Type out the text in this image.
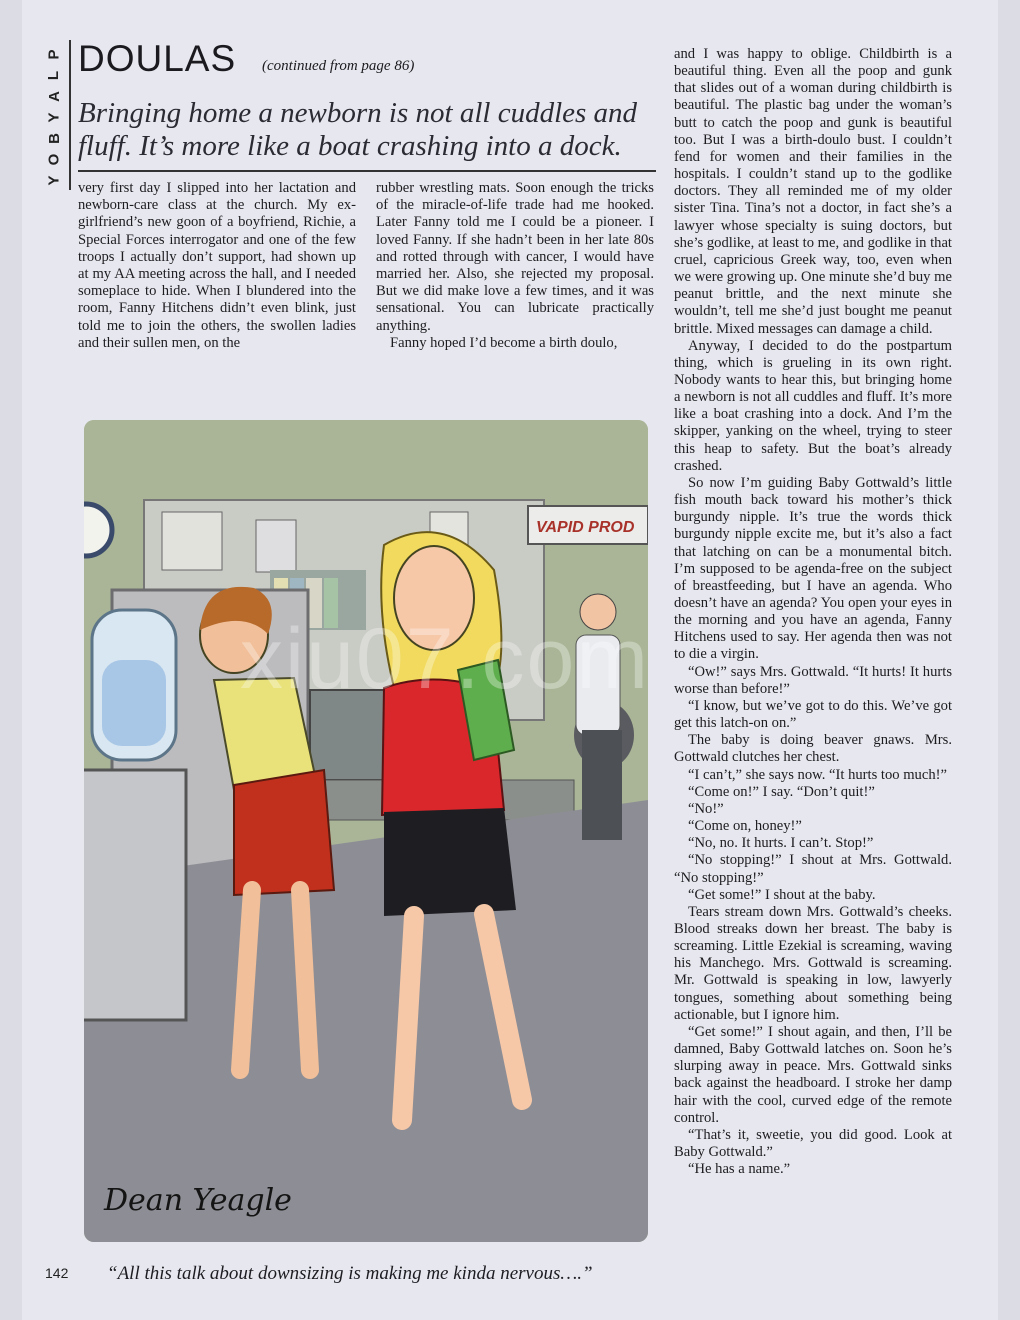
P
L
A
Y
B
O
Y
DOULAS (continued from page 86)
Bringing home a newborn is not all cuddles and fluff. It’s more like a boat crashing into a dock.

very first day I slipped into her lactation and newborn-care class at the church. My ex-girlfriend’s new goon of a boyfriend, Richie, a Special Forces interrogator and one of the few troops I actually don’t support, had shown up at my AA meeting across the hall, and I needed someplace to hide. When I blundered into the room, Fanny Hitchens didn’t even blink, just told me to join the others, the swollen ladies and their sullen men, on the

rubber wrestling mats. Soon enough the tricks of the miracle-of-life trade had me hooked. Later Fanny told me I could be a pioneer. I loved Fanny. If she hadn’t been in her late 80s and rotted through with cancer, I would have married her. Also, she rejected my proposal. But we did make love a few times, and it was sensational. You can lubricate practically anything.

Fanny hoped I’d become a birth doulo,

and I was happy to oblige. Childbirth is a beautiful thing. Even all the poop and gunk that slides out of a woman during childbirth is beautiful. The plastic bag under the woman’s butt to catch the poop and gunk is beautiful too. But I was a birth-doulo bust. I couldn’t fend for women and their families in the hospitals. I couldn’t stand up to the godlike doctors. They all reminded me of my older sister Tina. Tina’s not a doctor, in fact she’s a lawyer whose specialty is suing doctors, but she’s godlike, at least to me, and godlike in that cruel, capricious Greek way, too, even when we were growing up. One minute she’d buy me peanut brittle, and the next minute she wouldn’t, tell me she’d just bought me peanut brittle. Mixed messages can damage a child.

Anyway, I decided to do the postpartum thing, which is grueling in its own right. Nobody wants to hear this, but bringing home a newborn is not all cuddles and fluff. It’s more like a boat crashing into a dock. And I’m the skipper, yanking on the wheel, trying to steer this heap to safety. But the boat’s already crashed.

So now I’m guiding Baby Gottwald’s little fish mouth back toward his mother’s thick burgundy nipple. It’s true the words thick burgundy nipple excite me, but it’s also a fact that latching on can be a monumental bitch. I’m supposed to be agenda-free on the subject of breastfeeding, but I have an agenda. Who doesn’t have an agenda? You open your eyes in the morning and you have an agenda, Fanny Hitchens used to say. Her agenda then was not to die a virgin.

“Ow!” says Mrs. Gottwald. “It hurts! It hurts worse than before!”

“I know, but we’ve got to do this. We’ve got get this latch-on on.”

The baby is doing beaver gnaws. Mrs. Gottwald clutches her chest.

“I can’t,” she says now. “It hurts too much!”

“Come on!” I say. “Don’t quit!”

“No!”

“Come on, honey!”

“No, no. It hurts. I can’t. Stop!”

“No stopping!” I shout at Mrs. Gottwald. “No stopping!”

“Get some!” I shout at the baby.

Tears stream down Mrs. Gottwald’s cheeks. Blood streaks down her breast. The baby is screaming. Little Ezekial is screaming, waving his Manchego. Mrs. Gottwald is screaming. Mr. Gottwald is speaking in low, lawyerly tongues, something about something being actionable, but I ignore him.

“Get some!” I shout again, and then, I’ll be damned, Baby Gottwald latches on. Soon he’s slurping away in peace. Mrs. Gottwald sinks back against the headboard. I stroke her damp hair with the cool, curved edge of the remote control.

“That’s it, sweetie, you did good. Look at Baby Gottwald.”

“He has a name.”

VAPID PROD
Dean Yeagle
xiu07.com
142 “All this talk about downsizing is making me kinda nervous….”
